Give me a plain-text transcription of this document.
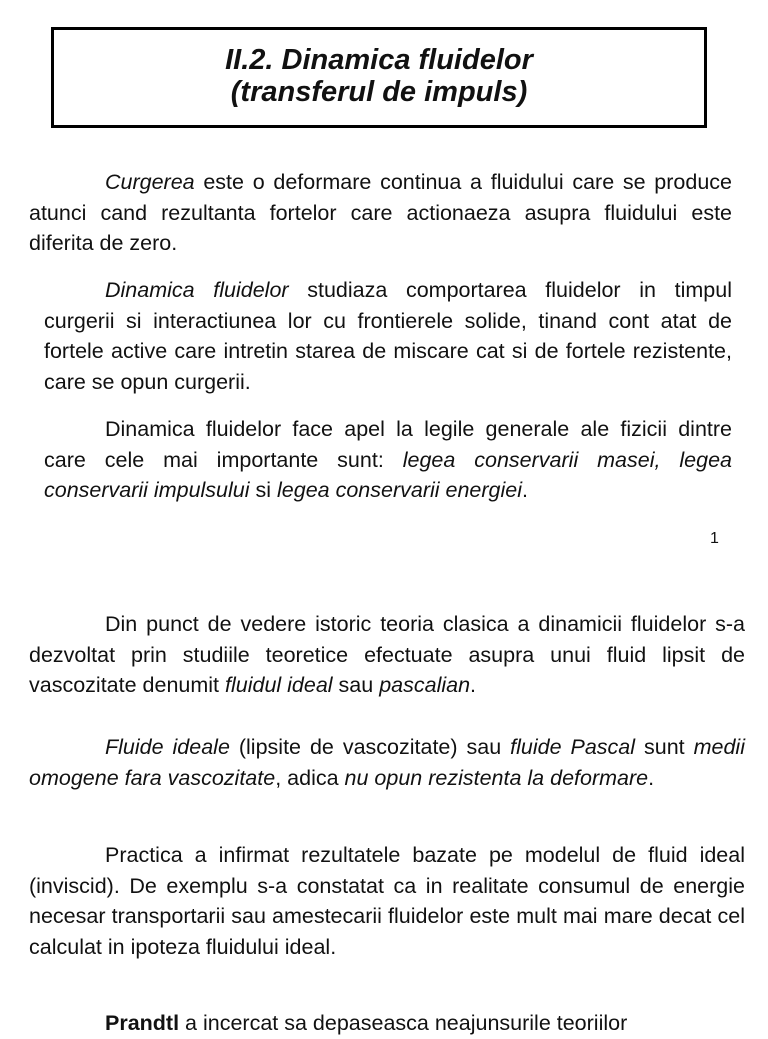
II.2. Dinamica fluidelor
(transferul de impuls)

Curgerea este o deformare continua a fluidului care se produce atunci cand rezultanta fortelor care actionaeza asupra fluidului este diferita de zero.

Dinamica fluidelor studiaza comportarea fluidelor in timpul curgerii si interactiunea lor cu frontierele solide, tinand cont atat de fortele active care intretin starea de miscare cat si de fortele rezistente, care se opun curgerii.

Dinamica fluidelor face apel la legile generale ale fizicii dintre care cele mai importante sunt: legea conservarii masei, legea conservarii impulsului si legea conservarii energiei.

1

Din punct de vedere istoric teoria clasica a dinamicii fluidelor s-a dezvoltat prin studiile teoretice efectuate asupra unui fluid lipsit de vascozitate denumit fluidul ideal sau pascalian.

Fluide ideale (lipsite de vascozitate) sau fluide Pascal sunt medii omogene fara vascozitate, adica nu opun rezistenta la deformare.

Practica a infirmat rezultatele bazate pe modelul de fluid ideal (inviscid). De exemplu s-a constatat ca in realitate consumul de energie necesar transportarii sau amestecarii fluidelor este mult mai mare decat cel calculat in ipoteza fluidului ideal.

Prandtl a incercat sa depaseasca neajunsurile teoriilor
